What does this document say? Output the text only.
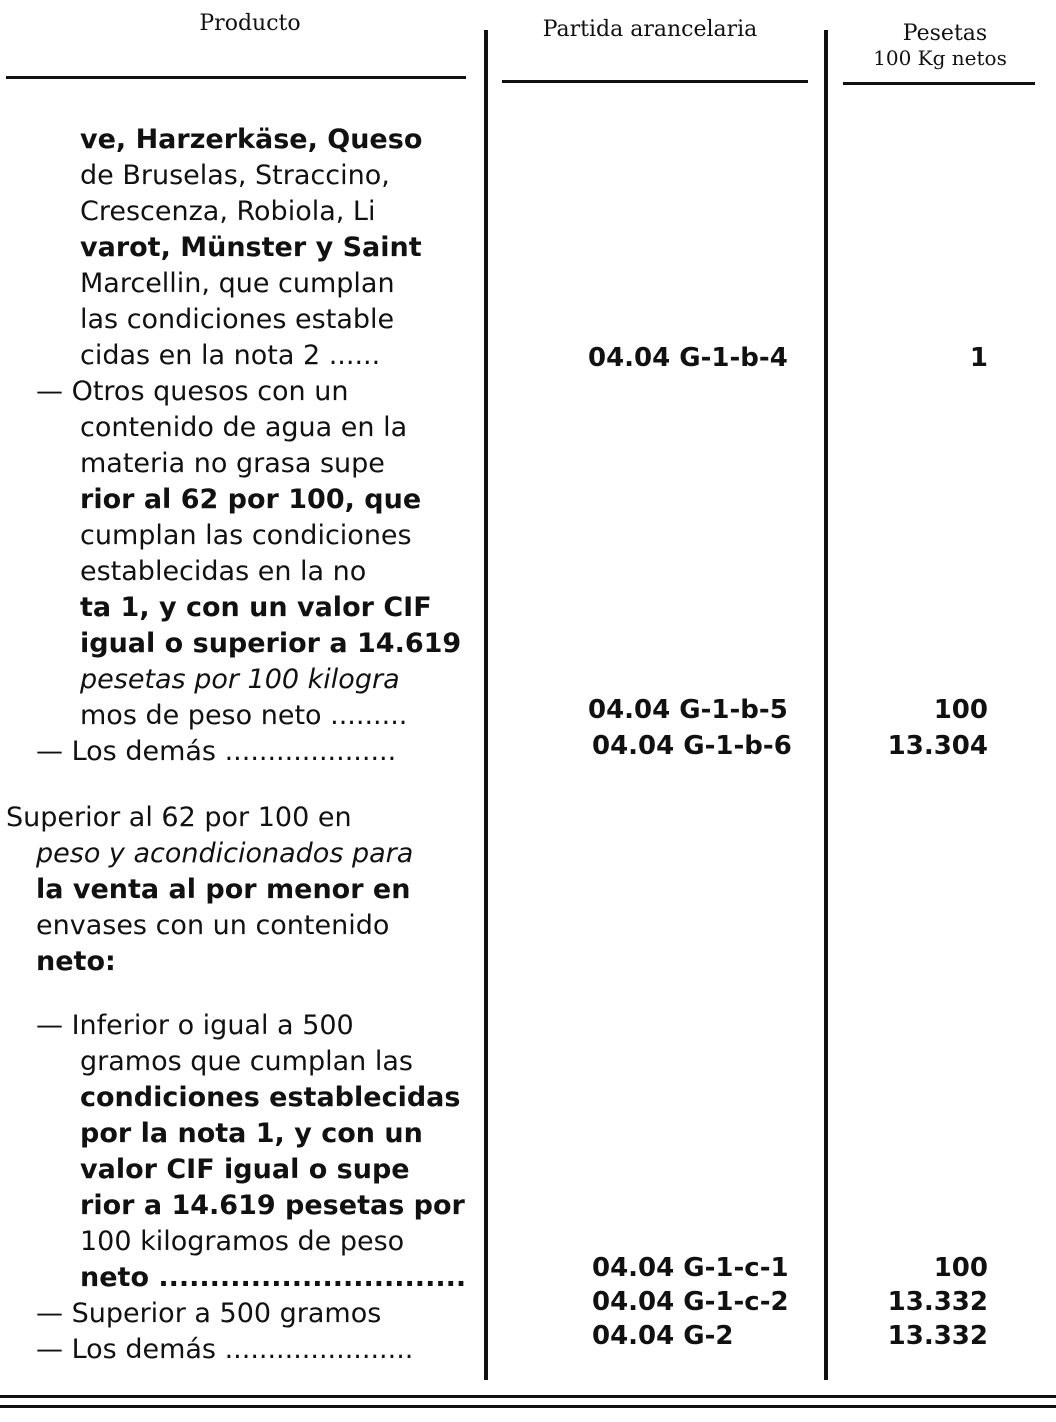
Producto	Partida arancelaria	Pesetas
100 Kg netos
ve, Harzerkäse, Queso
de Bruselas, Straccino,
Crescenza, Robiola, Li
varot, Münster y Saint
Marcellin, que cumplan
las condiciones estable
cidas en la nota 2 ......
— Otros quesos con un
contenido de agua en la
materia no grasa supe
rior al 62 por 100, que
cumplan las condiciones
establecidas en la no
ta 1, y con un valor CIF
igual o superior a 14.619
pesetas por 100 kilogra
mos de peso neto .........
— Los demás ....................
Superior al 62 por 100 en
peso y acondicionados para
la venta al por menor en
envases con un contenido
neto:
— Inferior o igual a 500
gramos que cumplan las
condiciones establecidas
por la nota 1, y con un
valor CIF igual o supe
rior a 14.619 pesetas por
100 kilogramos de peso
neto ..............................
— Superior a 500 gramos
— Los demás ......................
04.04 G-1-b-4
04.04 G-1-b-5
04.04 G-1-b-6
04.04 G-1-c-1
04.04 G-1-c-2
04.04 G-2
1
100
13.304
100
13.332
13.332
